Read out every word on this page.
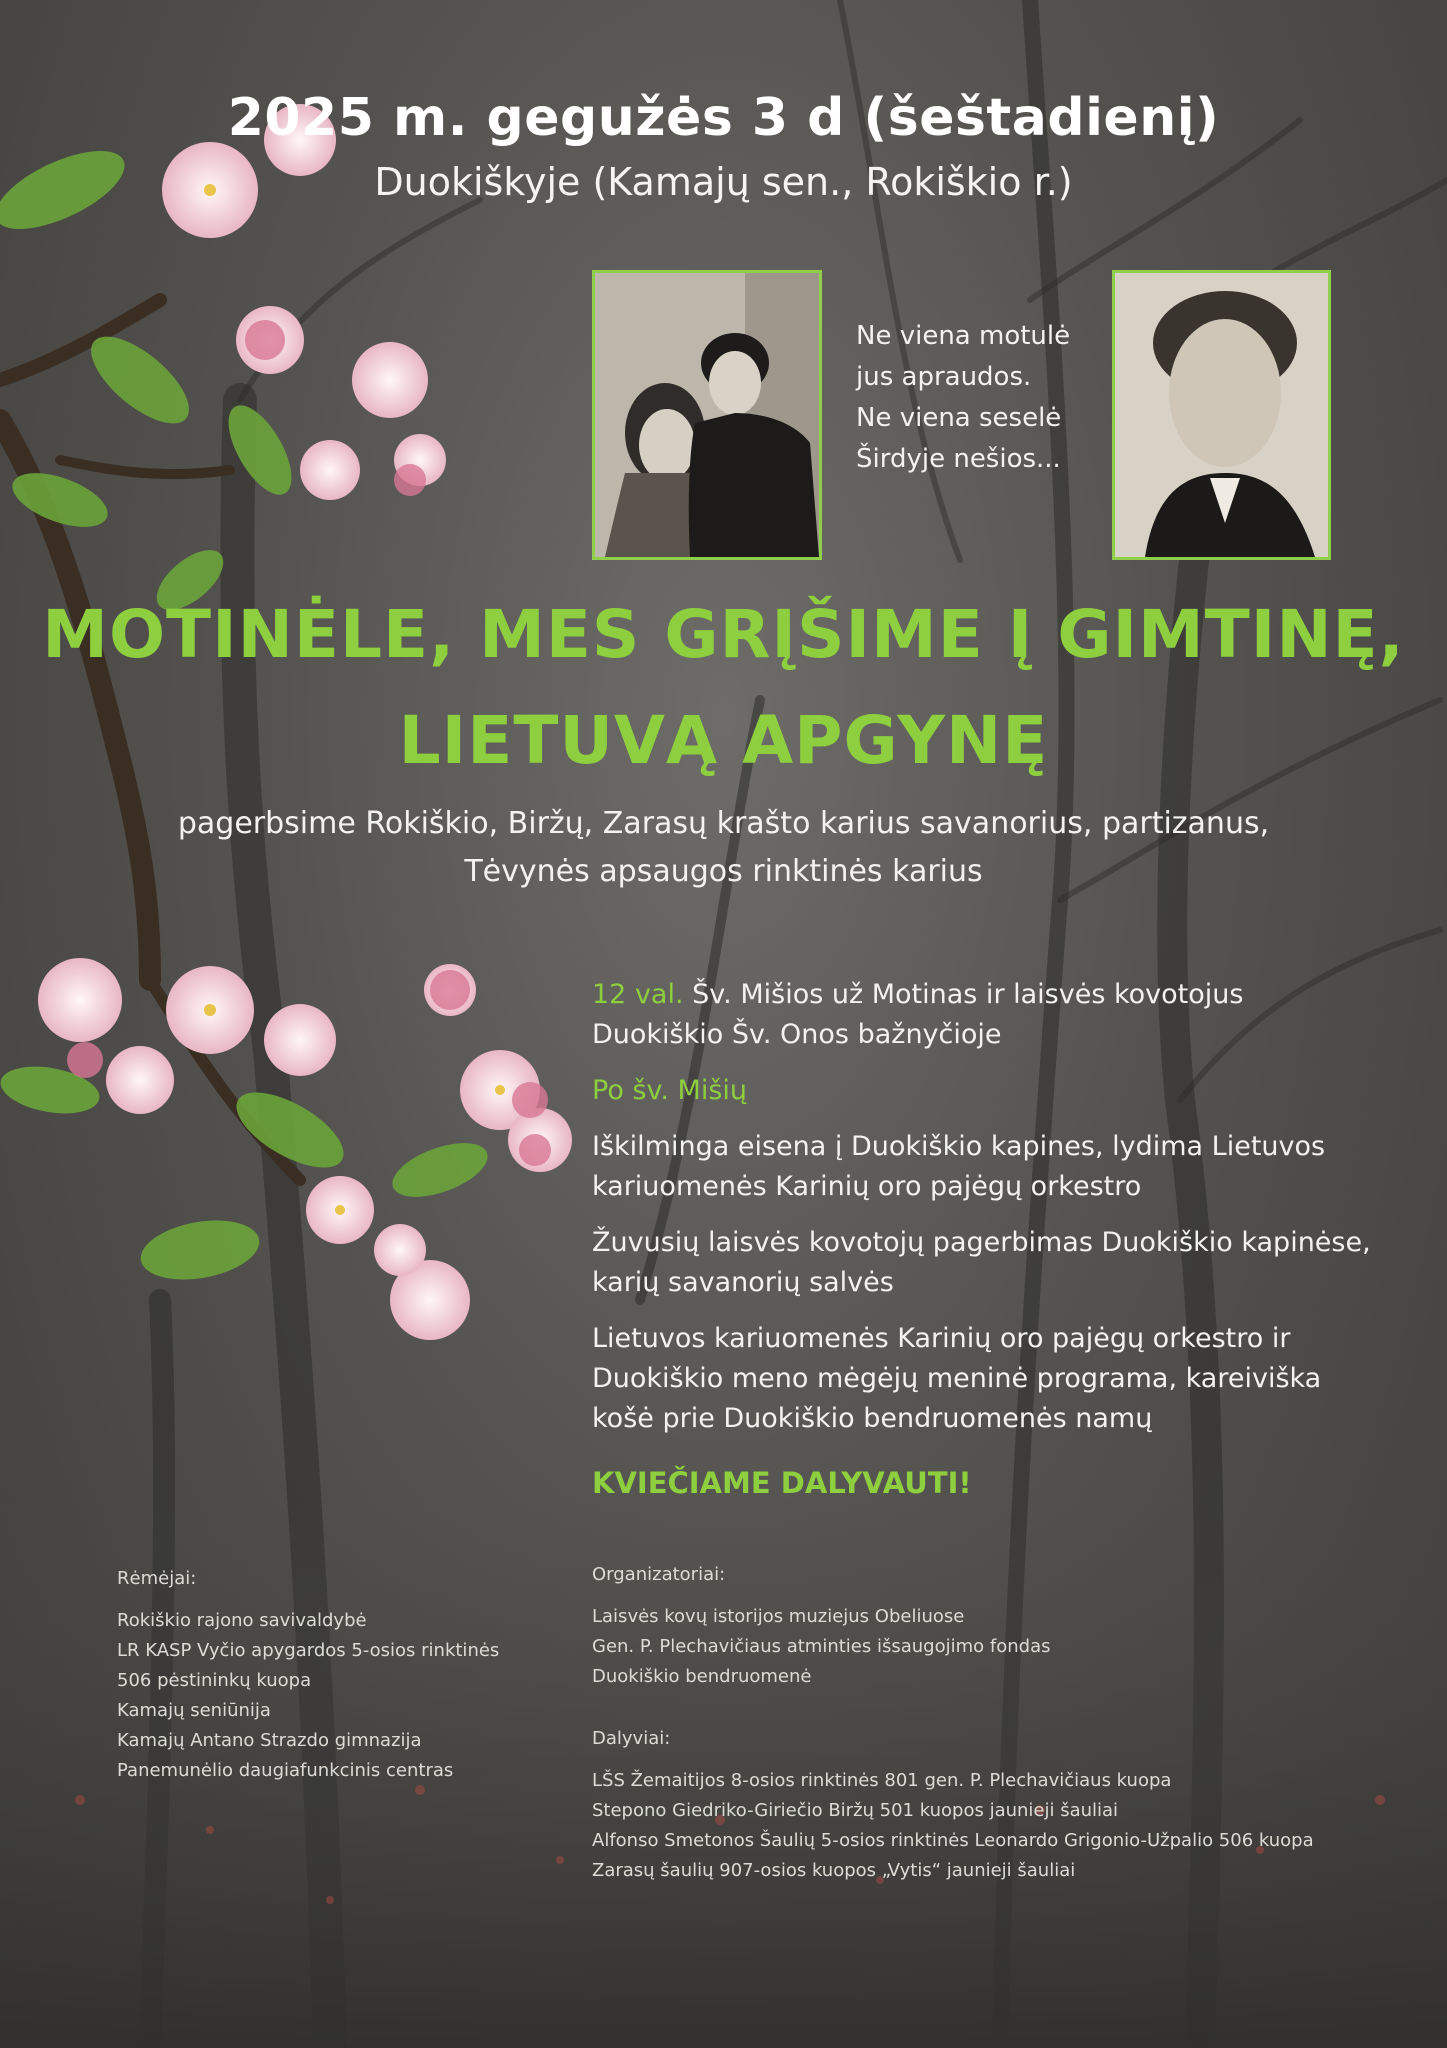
2025 m. gegužės 3 d (šeštadienį)
Duokiškyje (Kamajų sen., Rokiškio r.)
Ne viena motulė
jus apraudos.
Ne viena seselė
Širdyje nešios...
MOTINĖLE, MES GRĮŠIME Į GIMTINĘ,
LIETUVĄ APGYNĘ
pagerbsime Rokiškio, Biržų, Zarasų krašto karius savanorius, partizanus,
Tėvynės apsaugos rinktinės karius

12 val. Šv. Mišios už Motinas ir laisvės kovotojus
Duokiškio Šv. Onos bažnyčioje

Po šv. Mišių

Iškilminga eisena į Duokiškio kapines, lydima Lietuvos
kariuomenės Karinių oro pajėgų orkestro

Žuvusių laisvės kovotojų pagerbimas Duokiškio kapinėse,
karių savanorių salvės

Lietuvos kariuomenės Karinių oro pajėgų orkestro ir
Duokiškio meno mėgėjų meninė programa, kareiviška
košė prie Duokiškio bendruomenės namų

KVIEČIAME DALYVAUTI!
Rėmėjai:
Rokiškio rajono savivaldybė
LR KASP Vyčio apygardos 5-osios rinktinės
506 pėstininkų kuopa
Kamajų seniūnija
Kamajų Antano Strazdo gimnazija
Panemunėlio daugiafunkcinis centras
Organizatoriai:
Laisvės kovų istorijos muziejus Obeliuose
Gen. P. Plechavičiaus atminties išsaugojimo fondas
Duokiškio bendruomenė
Dalyviai:
LŠS Žemaitijos 8-osios rinktinės 801 gen. P. Plechavičiaus kuopa
Stepono Giedriko-Giriečio Biržų 501 kuopos jaunieji šauliai
Alfonso Smetonos Šaulių 5-osios rinktinės Leonardo Grigonio-Užpalio 506 kuopa
Zarasų šaulių 907-osios kuopos „Vytis“ jaunieji šauliai
